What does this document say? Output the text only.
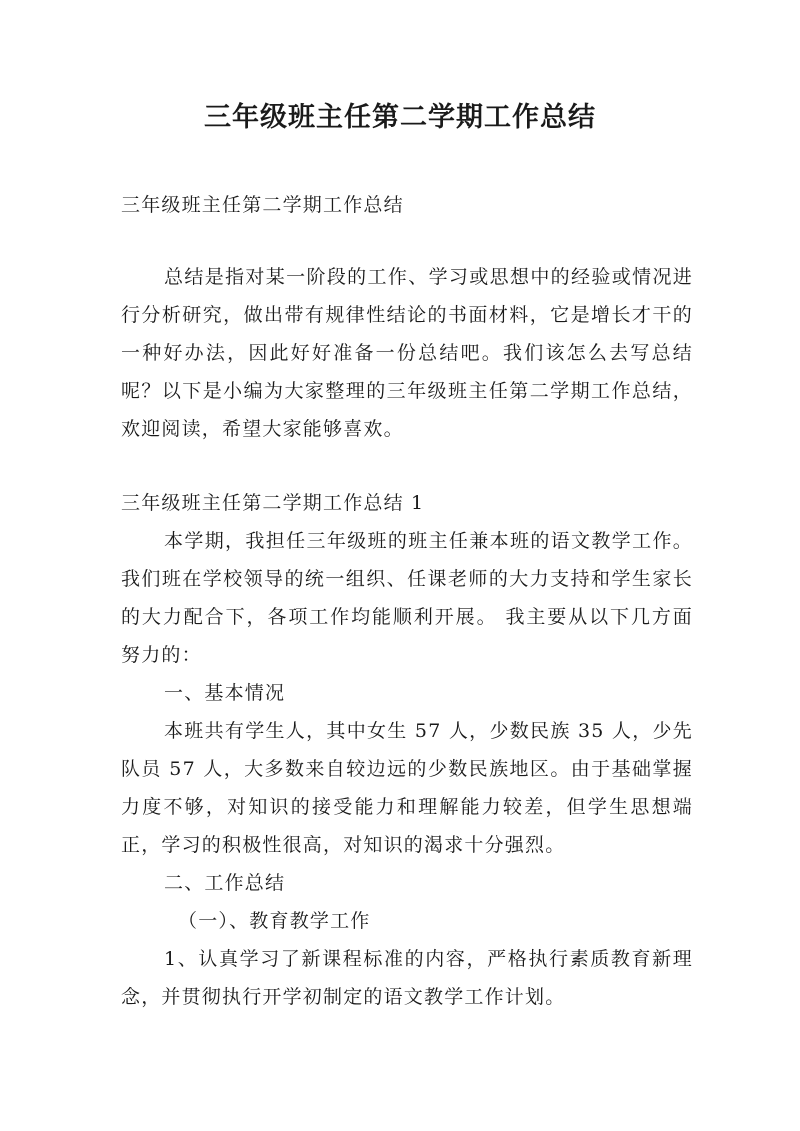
三年级班主任第二学期工作总结

三年级班主任第二学期工作总结

总结是指对某一阶段的工作、学习或思想中的经验或情况进行分析研究，做出带有规律性结论的书面材料，它是增长才干的一种好办法，因此好好准备一份总结吧。我们该怎么去写总结呢？以下是小编为大家整理的三年级班主任第二学期工作总结，欢迎阅读，希望大家能够喜欢。

三年级班主任第二学期工作总结 1

本学期，我担任三年级班的班主任兼本班的语文教学工作。我们班在学校领导的统一组织、任课老师的大力支持和学生家长的大力配合下，各项工作均能顺利开展。 我主要从以下几方面努力的：

一、基本情况

本班共有学生人，其中女生 57 人，少数民族 35 人，少先队员 57 人，大多数来自较边远的少数民族地区。由于基础掌握力度不够，对知识的接受能力和理解能力较差，但学生思想端正，学习的积极性很高，对知识的渴求十分强烈。

二、工作总结

（一）、教育教学工作

1、认真学习了新课程标准的内容，严格执行素质教育新理念，并贯彻执行开学初制定的语文教学工作计划。
